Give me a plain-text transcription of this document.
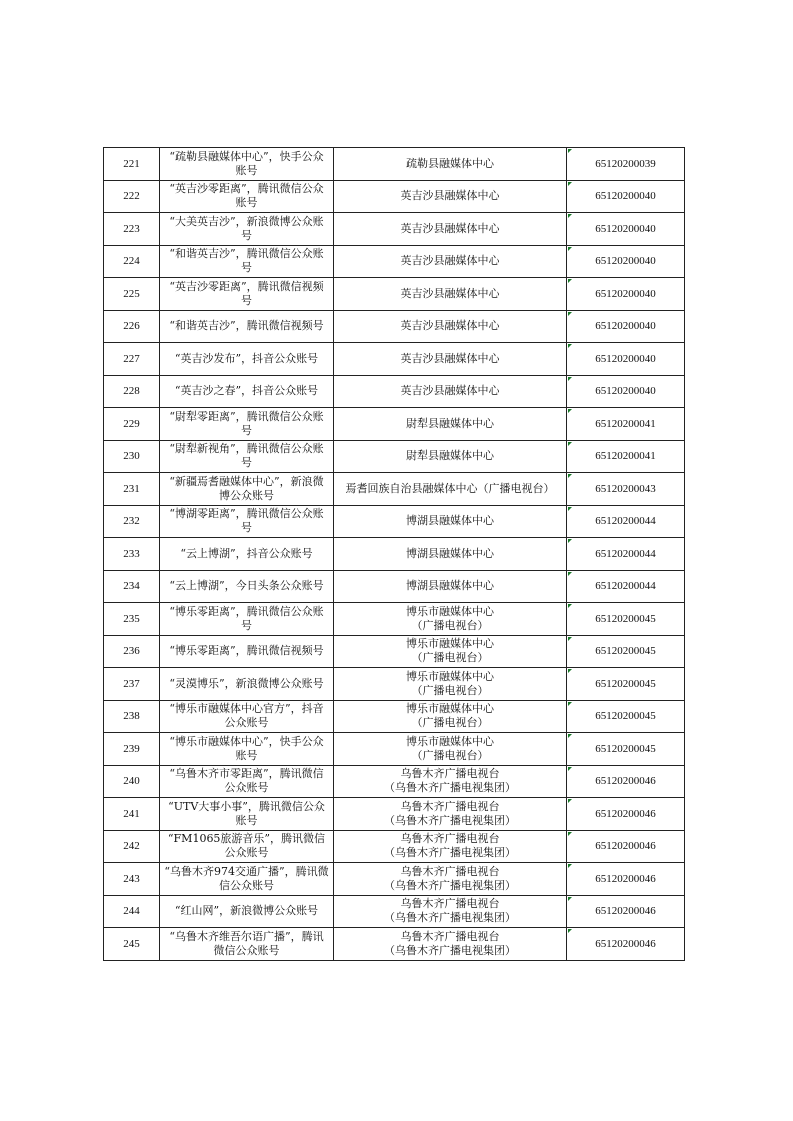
221	“疏勒县融媒体中心”，快手公众账号	疏勒县融媒体中心	65120200039
222	“英吉沙零距离”，腾讯微信公众账号	英吉沙县融媒体中心	65120200040
223	“大美英吉沙”，新浪微博公众账号	英吉沙县融媒体中心	65120200040
224	“和谐英吉沙”，腾讯微信公众账号	英吉沙县融媒体中心	65120200040
225	“英吉沙零距离”，腾讯微信视频号	英吉沙县融媒体中心	65120200040
226	“和谐英吉沙”，腾讯微信视频号	英吉沙县融媒体中心	65120200040
227	“英吉沙发布”，抖音公众账号	英吉沙县融媒体中心	65120200040
228	“英吉沙之春”，抖音公众账号	英吉沙县融媒体中心	65120200040
229	“尉犁零距离”，腾讯微信公众账号	尉犁县融媒体中心	65120200041
230	“尉犁新视角”，腾讯微信公众账号	尉犁县融媒体中心	65120200041
231	“新疆焉耆融媒体中心”，新浪微博公众账号	焉耆回族自治县融媒体中心（广播电视台）	65120200043
232	“博湖零距离”，腾讯微信公众账号	博湖县融媒体中心	65120200044
233	“云上博湖”，抖音公众账号	博湖县融媒体中心	65120200044
234	“云上博湖”，今日头条公众账号	博湖县融媒体中心	65120200044
235	“博乐零距离”，腾讯微信公众账号	博乐市融媒体中心
（广播电视台）	65120200045
236	“博乐零距离”，腾讯微信视频号	博乐市融媒体中心
（广播电视台）	65120200045
237	“灵漠博乐”，新浪微博公众账号	博乐市融媒体中心
（广播电视台）	65120200045
238	“博乐市融媒体中心官方”，抖音公众账号	博乐市融媒体中心
（广播电视台）	65120200045
239	“博乐市融媒体中心”，快手公众账号	博乐市融媒体中心
（广播电视台）	65120200045
240	“乌鲁木齐市零距离”，腾讯微信公众账号	乌鲁木齐广播电视台
（乌鲁木齐广播电视集团）	65120200046
241	“UTV大事小事”，腾讯微信公众账号	乌鲁木齐广播电视台
（乌鲁木齐广播电视集团）	65120200046
242	“FM1065旅游音乐”，腾讯微信公众账号	乌鲁木齐广播电视台
（乌鲁木齐广播电视集团）	65120200046
243	“乌鲁木齐974交通广播”，腾讯微信公众账号	乌鲁木齐广播电视台
（乌鲁木齐广播电视集团）	65120200046
244	“红山网”，新浪微博公众账号	乌鲁木齐广播电视台
（乌鲁木齐广播电视集团）	65120200046
245	“乌鲁木齐维吾尔语广播”，腾讯微信公众账号	乌鲁木齐广播电视台
（乌鲁木齐广播电视集团）	65120200046
